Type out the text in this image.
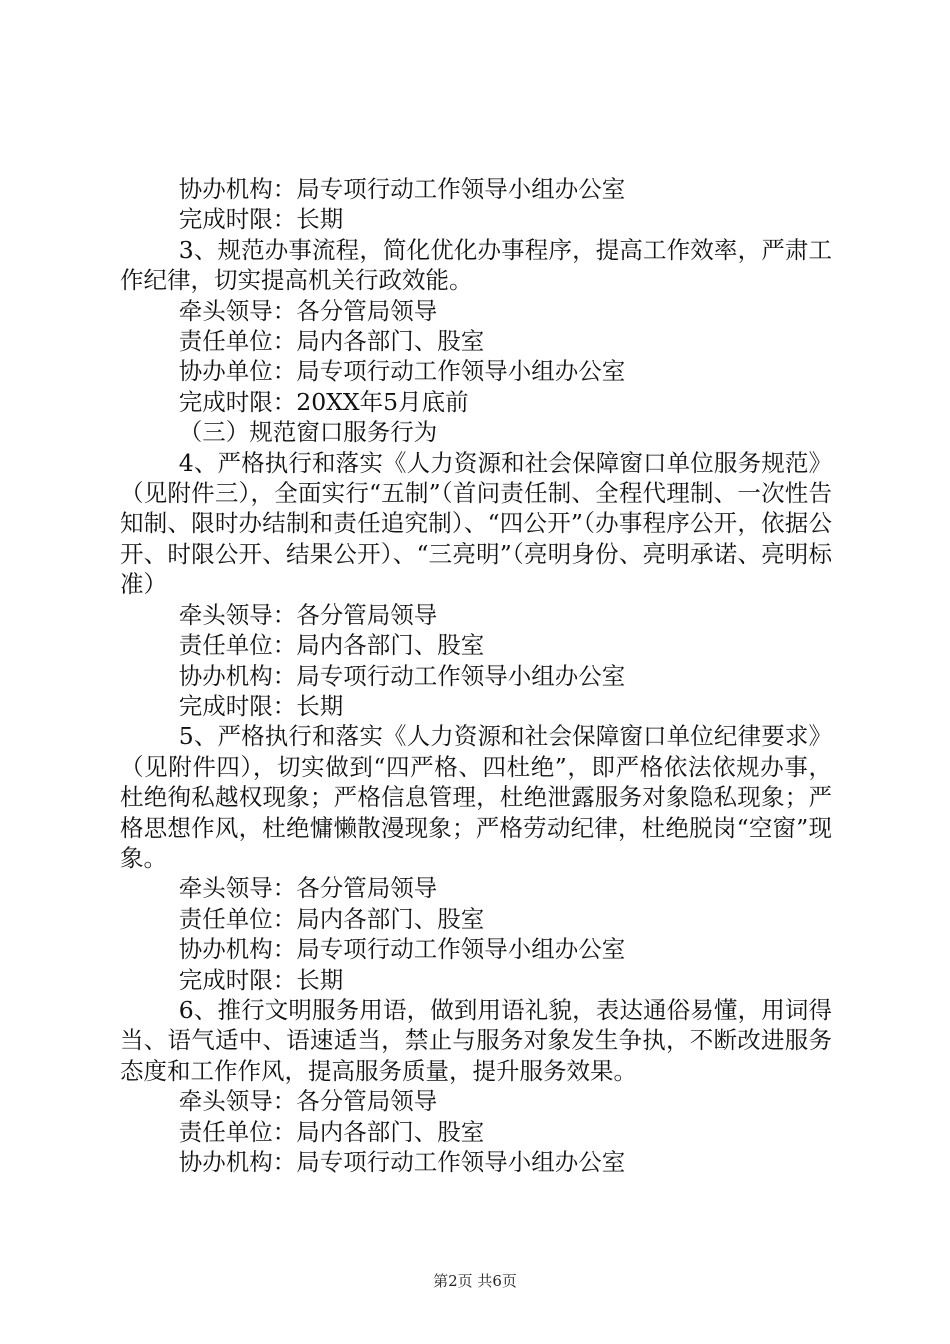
协办机构：局专项行动工作领导小组办公室

完成时限：长期

3、规范办事流程，简化优化办事程序，提高工作效率，严肃工作纪律，切实提高机关行政效能。

牵头领导：各分管局领导

责任单位：局内各部门、股室

协办单位：局专项行动工作领导小组办公室

完成时限：20XX年5月底前

（三）规范窗口服务行为

4、严格执行和落实《人力资源和社会保障窗口单位服务规范》（见附件三），全面实行“五制”（首问责任制、全程代理制、一次性告知制、限时办结制和责任追究制）、“四公开”（办事程序公开，依据公开、时限公开、结果公开）、“三亮明”（亮明身份、亮明承诺、亮明标准）

牵头领导：各分管局领导

责任单位：局内各部门、股室

协办机构：局专项行动工作领导小组办公室

完成时限：长期

5、严格执行和落实《人力资源和社会保障窗口单位纪律要求》（见附件四），切实做到“四严格、四杜绝”，即严格依法依规办事，杜绝徇私越权现象；严格信息管理，杜绝泄露服务对象隐私现象；严格思想作风，杜绝慵懒散漫现象；严格劳动纪律，杜绝脱岗“空窗”现象。

牵头领导：各分管局领导

责任单位：局内各部门、股室

协办机构：局专项行动工作领导小组办公室

完成时限：长期

6、推行文明服务用语，做到用语礼貌，表达通俗易懂，用词得当、语气适中、语速适当，禁止与服务对象发生争执，不断改进服务态度和工作作风，提高服务质量，提升服务效果。

牵头领导：各分管局领导

责任单位：局内各部门、股室

协办机构：局专项行动工作领导小组办公室

第2页 共6页
